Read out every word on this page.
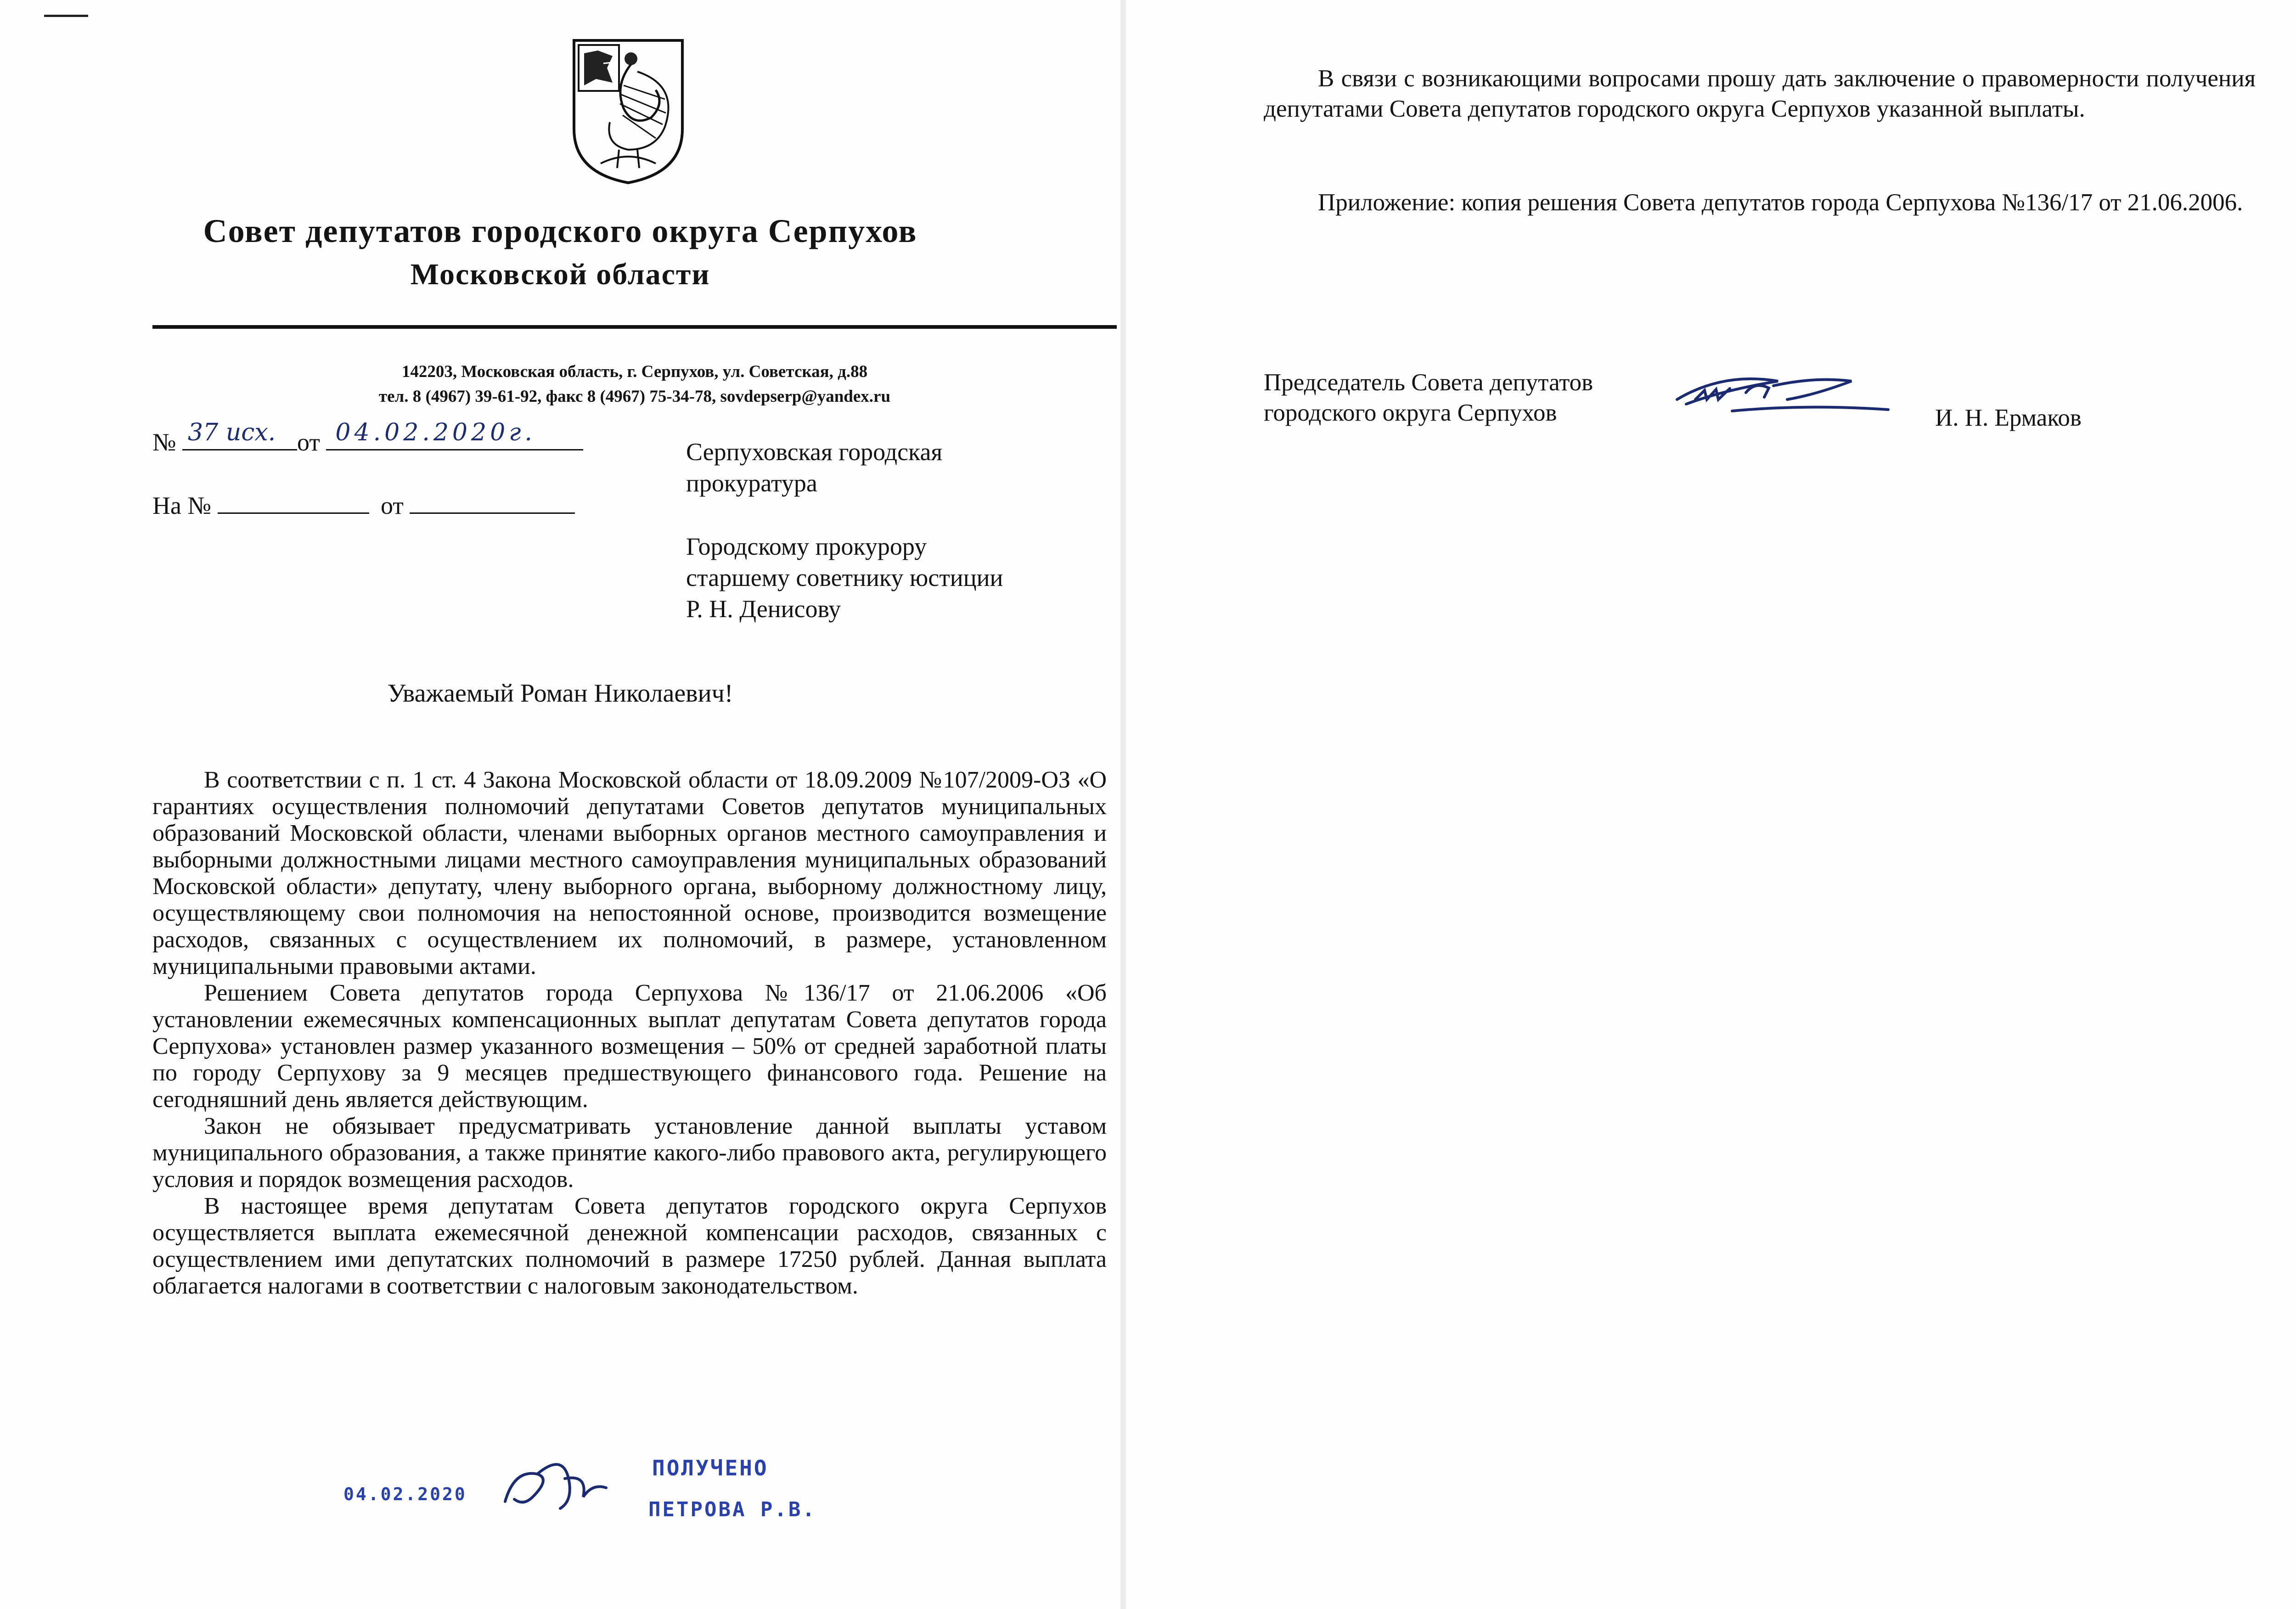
Совет депутатов городского округа Серпухов
Московской области
142203, Московская область, г. Серпухов, ул. Советская, д.88
тел. 8 (4967) 39-61-92, факс 8 (4967) 75-34-78, sovdepserp@yandex.ru
№ 37 исх. от 04.02.2020г.
На №	от
Серпуховская городская
прокуратура
Городскому прокурору
старшему советнику юстиции
Р. Н. Денисову
Уважаемый Роман Николаевич!

В соответствии с п. 1 ст. 4 Закона Московской области от 18.09.2009 №107/2009-ОЗ «О гарантиях осуществления полномочий депутатами Советов депутатов муниципальных образований Московской области, членами выборных органов местного самоуправления и выборными должностными лицами местного самоуправления муниципальных образований Московской области» депутату, члену выборного органа, выборному должностному лицу, осуществляющему свои полномочия на непостоянной основе, производится возмещение расходов, связанных с осуществлением их полномочий, в размере, установленном муниципальными правовыми актами.

Решением Совета депутатов города Серпухова №136/17 от 21.06.2006 «Об установлении ежемесячных компенсационных выплат депутатам Совета депутатов города Серпухова» установлен размер указанного возмещения – 50% от средней заработной платы по городу Серпухову за 9 месяцев предшествующего финансового года. Решение на сегодняшний день является действующим.

Закон не обязывает предусматривать установление данной выплаты уставом муниципального образования, а также принятие какого-либо правового акта, регулирующего условия и порядок возмещения расходов.

В настоящее время депутатам Совета депутатов городского округа Серпухов осуществляется выплата ежемесячной денежной компенсации расходов, связанных с осуществлением ими депутатских полномочий в размере 17250 рублей. Данная выплата облагается налогами в соответствии с налоговым законодательством.

04.02.2020
ПОЛУЧЕНО
ПЕТРОВА Р.В.
В связи с возникающими вопросами прошу дать заключение о правомерности получения депутатами Совета депутатов городского округа Серпухов указанной выплаты.
Приложение: копия решения Совета депутатов города Серпухова №136/17 от 21.06.2006.
Председатель Совета депутатов
городского округа Серпухов	И. Н. Ермаков
